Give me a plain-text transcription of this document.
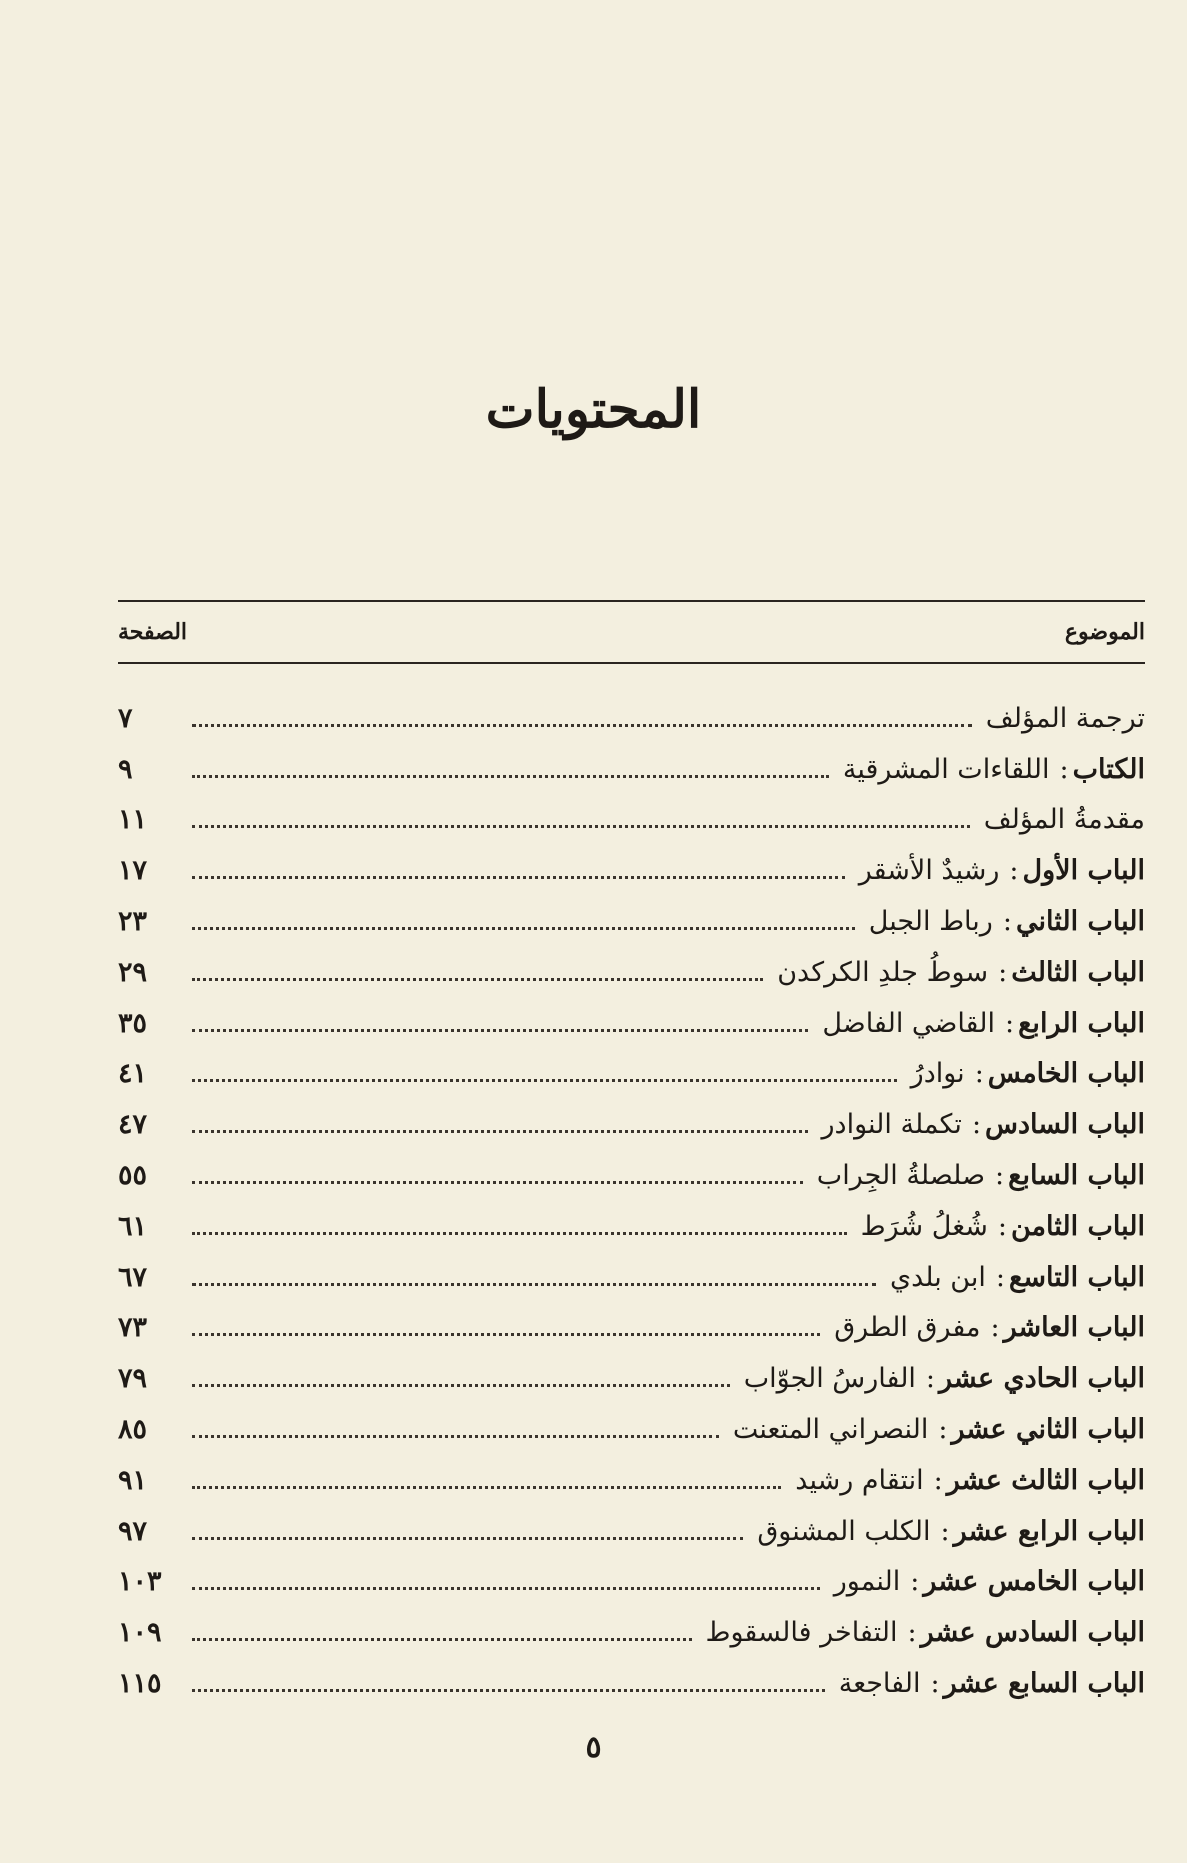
المحتويات
الموضوع
الصفحة
ترجمة المؤلف
٧
الكتاب
:
اللقاءات المشرقية
٩
مقدمةُ المؤلف
١١
الباب الأول
:
رشيدٌ الأشقر
١٧
الباب الثاني
:
رباط الجبل
٢٣
الباب الثالث
:
سوطُ جلدِ الكركدن
٢٩
الباب الرابع
:
القاضي الفاضل
٣٥
الباب الخامس
:
نوادرُ
٤١
الباب السادس
:
تكملة النوادر
٤٧
الباب السابع
:
صلصلةُ الجِراب
٥٥
الباب الثامن
:
شُغلُ شُرَط
٦١
الباب التاسع
:
ابن بلدي
٦٧
الباب العاشر
:
مفرق الطرق
٧٣
الباب الحادي عشر
:
الفارسُ الجوّاب
٧٩
الباب الثاني عشر
:
النصراني المتعنت
٨٥
الباب الثالث عشر
:
انتقام رشيد
٩١
الباب الرابع عشر
:
الكلب المشنوق
٩٧
الباب الخامس عشر
:
النمور
١٠٣
الباب السادس عشر
:
التفاخر فالسقوط
١٠٩
الباب السابع عشر
:
الفاجعة
١١٥
٥
